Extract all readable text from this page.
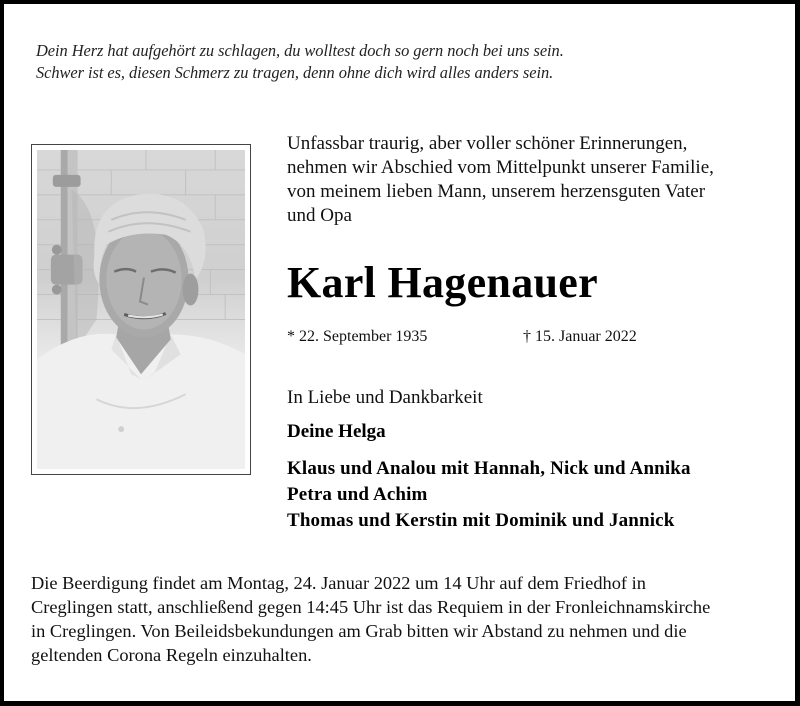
Dein Herz hat aufgehört zu schlagen, du wolltest doch so gern noch bei uns sein.
Schwer ist es, diesen Schmerz zu tragen, denn ohne dich wird alles anders sein.
Unfassbar traurig, aber voller schöner Erinnerungen,
nehmen wir Abschied vom Mittelpunkt unserer Familie,
von meinem lieben Mann, unserem herzensguten Vater
und Opa
Karl Hagenauer
* 22. September 1935	† 15. Januar 2022
In Liebe und Dankbarkeit
Deine Helga
Klaus und Analou mit Hannah, Nick und Annika
Petra und Achim
Thomas und Kerstin mit Dominik und Jannick
Die Beerdigung findet am Montag, 24. Januar 2022 um 14 Uhr auf dem Friedhof in
Creglingen statt, anschließend gegen 14:45 Uhr ist das Requiem in der Fronleichnamskirche
in Creglingen. Von Beileidsbekundungen am Grab bitten wir Abstand zu nehmen und die
geltenden Corona Regeln einzuhalten.
